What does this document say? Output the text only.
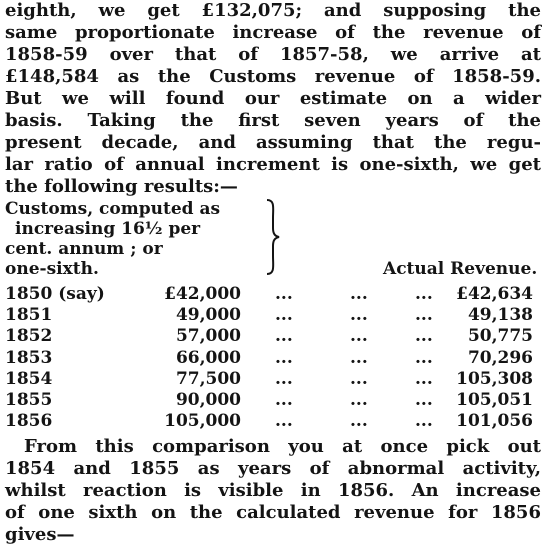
eighth, we get £132,075; and supposing the
same proportionate increase of the revenue of
1858-59 over that of 1857-58, we arrive at
£148,584 as the Customs revenue of 1858-59.
But we will found our estimate on a wider
basis. Taking the first seven years of the
present decade, and assuming that the regu-
lar ratio of annual increment is one-sixth, we get
the following results:—
Customs, computed as
increasing 16½ per
cent. annum ; or
one-sixth.	Actual Revenue.
1850 (say)	£42,000 ...	...	... £42,634
1851	49,000 ...	...	... 49,138
1852	57,000 ...	...	... 50,775
1853	66,000 ...	...	... 70,296
1854	77,500 ...	...	... 105,308
1855	90,000 ...	...	... 105,051
1856	105,000 ...	...	... 101,056
From this comparison you at once pick out
1854 and 1855 as years of abnormal activity,
whilst reaction is visible in 1856. An increase
of one sixth on the calculated revenue for 1856
gives—
